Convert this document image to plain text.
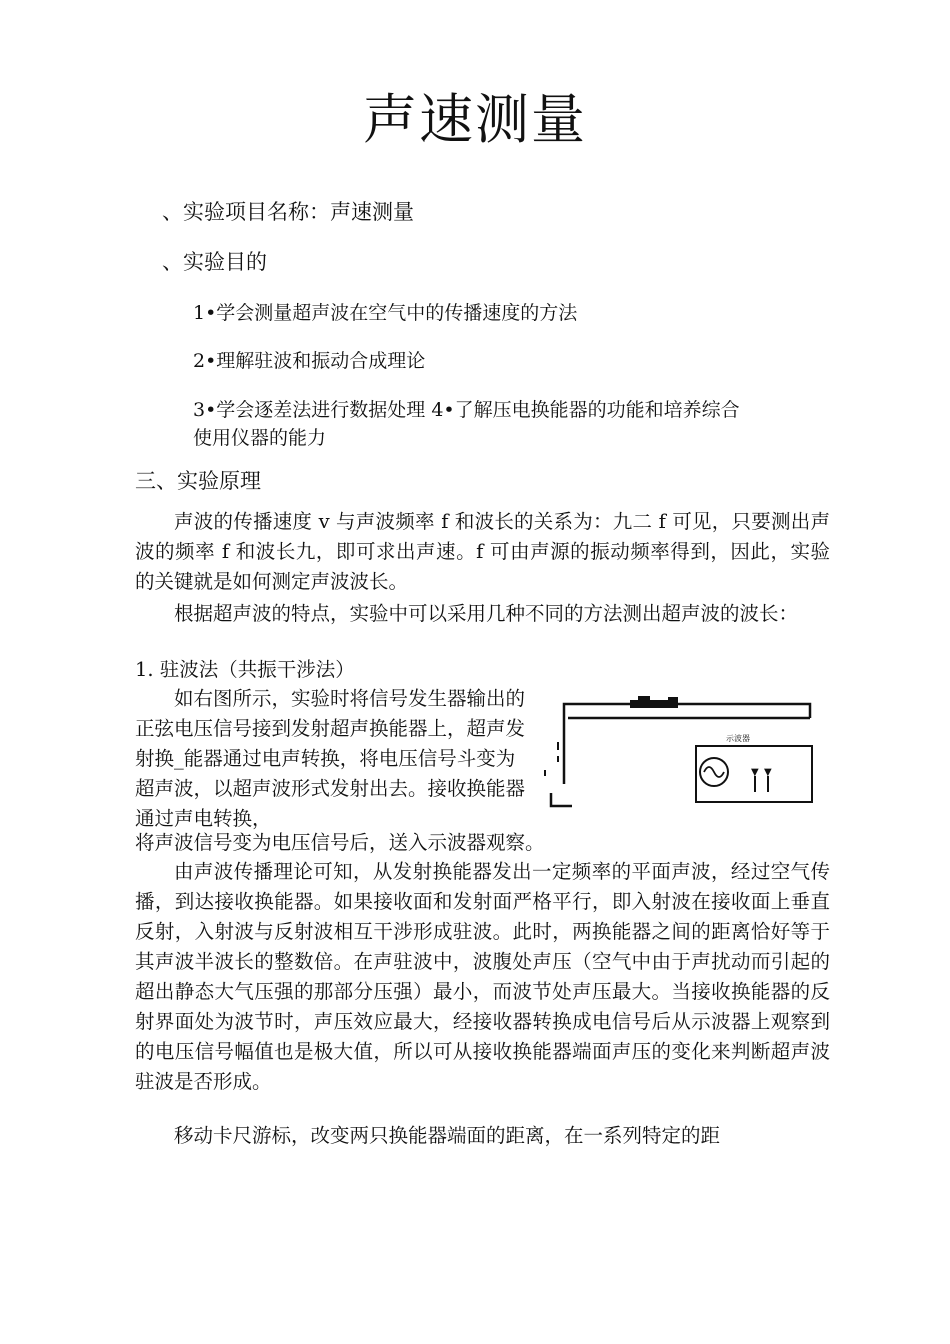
声速测量
、实验项目名称：声速测量
、实验目的
1•学会测量超声波在空气中的传播速度的方法
2•理解驻波和振动合成理论
3•学会逐差法进行数据处理 4•了解压电换能器的功能和培养综合
使用仪器的能力
三、实验原理
声波的传播速度 v 与声波频率 f 和波长的关系为：九二 f 可见，只要测出声波的频率 f 和波长九，即可求出声速。f 可由声源的振动频率得到，因此，实验的关键就是如何测定声波波长。
根据超声波的特点，实验中可以采用几种不同的方法测出超声波的波长：
1. 驻波法（共振干涉法）
如右图所示，实验时将信号发生器输出的正弦电压信号接到发射超声换能器上，超声发射换_能器通过电声转换，将电压信号斗变为超声波，以超声波形式发射出去。接收换能器通过声电转换，
将声波信号变为电压信号后，送入示波器观察。
由声波传播理论可知，从发射换能器发出一定频率的平面声波，经过空气传播，到达接收换能器。如果接收面和发射面严格平行，即入射波在接收面上垂直反射，入射波与反射波相互干涉形成驻波。此时，两换能器之间的距离恰好等于其声波半波长的整数倍。在声驻波中，波腹处声压（空气中由于声扰动而引起的超出静态大气压强的那部分压强）最小，而波节处声压最大。当接收换能器的反射界面处为波节时，声压效应最大，经接收器转换成电信号后从示波器上观察到的电压信号幅值也是极大值，所以可从接收换能器端面声压的变化来判断超声波驻波是否形成。
移动卡尺游标，改变两只换能器端面的距离，在一系列特定的距
示波器
▼ ▼
